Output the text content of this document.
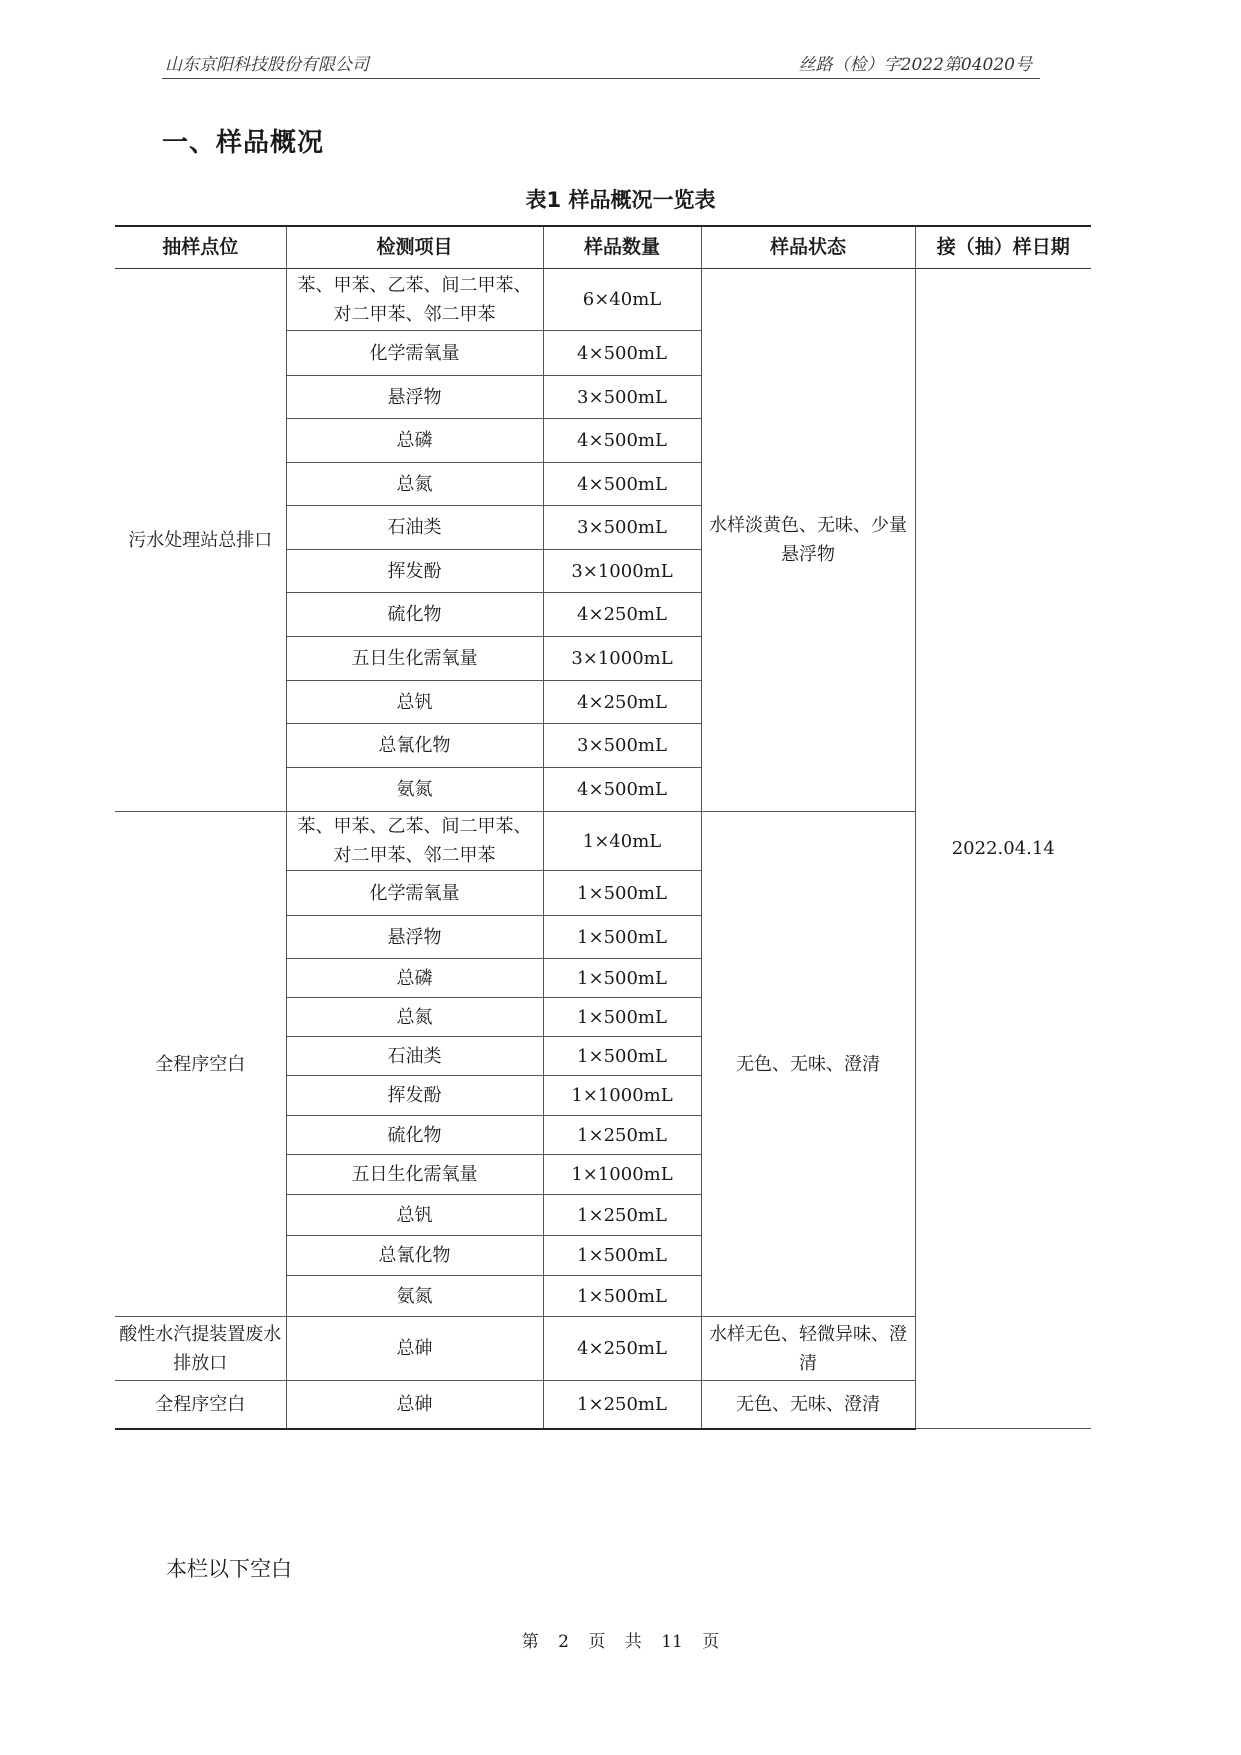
山东京阳科技股份有限公司	丝路（检）字2022第04020号
一、样品概况
表1 样品概况一览表
抽样点位	检测项目	样品数量	样品状态	接（抽）样日期
污水处理站总排口	苯、甲苯、乙苯、间二甲苯、对二甲苯、邻二甲苯	6×40mL	水样淡黄色、无味、少量悬浮物	2022.04.14
	化学需氧量	4×500mL		
	悬浮物	3×500mL		
	总磷	4×500mL		
	总氮	4×500mL		
	石油类	3×500mL		
	挥发酚	3×1000mL		
	硫化物	4×250mL		
	五日生化需氧量	3×1000mL		
	总钒	4×250mL		
	总氰化物	3×500mL		
	氨氮	4×500mL		
全程序空白	苯、甲苯、乙苯、间二甲苯、对二甲苯、邻二甲苯	1×40mL	无色、无味、澄清	
	化学需氧量	1×500mL		
	悬浮物	1×500mL		
	总磷	1×500mL		
	总氮	1×500mL		
	石油类	1×500mL		
	挥发酚	1×1000mL		
	硫化物	1×250mL		
	五日生化需氧量	1×1000mL		
	总钒	1×250mL		
	总氰化物	1×500mL		
	氨氮	1×500mL		
酸性水汽提装置废水排放口	总砷	4×250mL	水样无色、轻微异味、澄清	
全程序空白	总砷	1×250mL	无色、无味、澄清	
本栏以下空白
第 2 页 共 11 页
